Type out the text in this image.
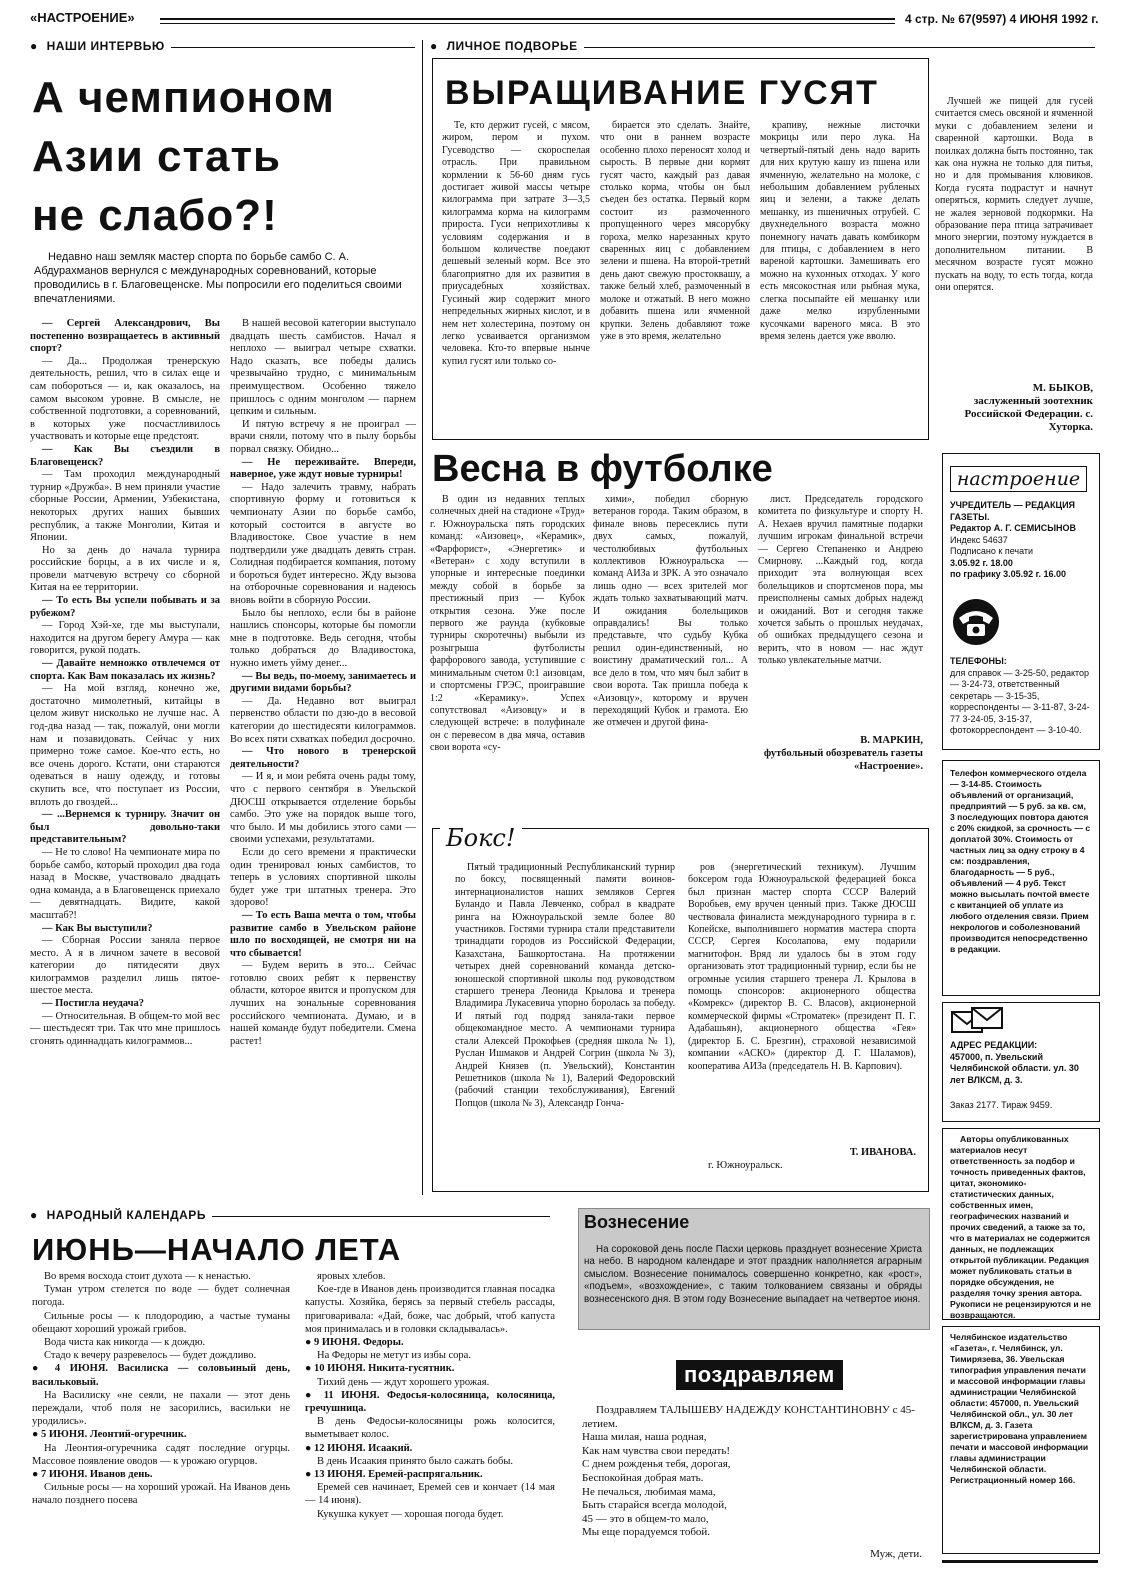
«НАСТРОЕНИЕ»	4 стр. № 67(9597) 4 ИЮНЯ 1992 г.
● НАШИ ИНТЕРВЬЮ
А чемпионом
Азии стать
не слабо?!
Недавно наш земляк мастер спорта по борьбе самбо С. А. Абдурахманов вернулся с международных соревнований, которые проводились в г. Благовещенске. Мы попросили его поделиться своими впечатлениями.

— Сергей Александрович, Вы постепенно возвращаетесь в активный спорт?

— Да... Продолжая тренерскую деятельность, решил, что в силах еще и сам побороться — и, как оказалось, на самом высоком уровне. В смысле, не собственной подготовки, а соревнований, в которых уже посчастливилось участвовать и которые еще предстоят.

— Как Вы съездили в Благовещенск?

— Там проходил международный турнир «Дружба». В нем приняли участие сборные России, Армении, Узбекистана, некоторых других наших бывших республик, а также Монголии, Китая и Японии.

Но за день до начала турнира российские борцы, а в их числе и я, провели матчевую встречу со сборной Китая на ее территории.

— То есть Вы успели побывать и за рубежом?

— Город Хэй-хе, где мы выступали, находится на другом берегу Амура — как говорится, рукой подать.

— Давайте немножко отвлечемся от спорта. Как Вам показалась их жизнь?

— На мой взгляд, конечно же, достаточно мимолетный, китайцы в целом живут нисколько не лучше нас. А год-два назад — так, пожалуй, они могли нам и позавидовать. Сейчас у них примерно тоже самое. Кое-что есть, но все очень дорого. Кстати, они стараются одеваться в нашу одежду, и готовы скупить все, что поступает из России, вплоть до гвоздей...

— ...Вернемся к турниру. Значит он был довольно-таки представительным?

— Не то слово! На чемпионате мира по борьбе самбо, который проходил два года назад в Москве, участвовало двадцать одна команда, а в Благовещенск приехало — девятнадцать. Видите, какой масштаб?!

— Как Вы выступили?

— Сборная России заняла первое место. А я в личном зачете в весовой категории до пятидесяти двух килограммов разделил лишь пятое-шестое места.

— Постигла неудача?

— Относительная. В общем-то мой вес — шестьдесят три. Так что мне пришлось сгонять одиннадцать килограммов...

В нашей весовой категории выступало двадцать шесть самбистов. Начал я неплохо — выиграл четыре схватки. Надо сказать, все победы дались чрезвычайно трудно, с минимальным преимуществом. Особенно тяжело пришлось с одним монголом — парнем цепким и сильным.

И пятую встречу я не проиграл — врачи сняли, потому что в пылу борьбы порвал связку. Обидно...

— Не переживайте. Впереди, наверное, уже ждут новые турниры!

— Надо залечить травму, набрать спортивную форму и готовиться к чемпионату Азии по борьбе самбо, который состоится в августе во Владивостоке. Свое участие в нем подтвердили уже двадцать девять стран. Солидная подбирается компания, потому и бороться будет интересно. Жду вызова на отборочные соревнования и надеюсь вновь войти в сборную России.

Было бы неплохо, если бы в районе нашлись спонсоры, которые бы помогли мне в подготовке. Ведь сегодня, чтобы только добраться до Владивостока, нужно иметь уйму денег...

— Вы ведь, по-моему, занимаетесь и другими видами борьбы?

— Да. Недавно вот выиграл первенство области по дзю-до в весовой категории до шестидесяти килограммов. Во всех пяти схватках победил досрочно.

— Что нового в тренерской деятельности?

— И я, и мои ребята очень рады тому, что с первого сентября в Увельской ДЮСШ открывается отделение борьбы самбо. Это уже на порядок выше того, что было. И мы добились этого сами — своими успехами, результатами.

Если до сего времени я практически один тренировал юных самбистов, то теперь в условиях спортивной школы будет уже три штатных тренера. Это здорово!

— То есть Ваша мечта о том, чтобы развитие самбо в Увельском районе шло по восходящей, не смотря ни на что сбывается!

— Будем верить в это... Сейчас готовлю своих ребят к первенству области, которое явится и пропуском для лучших на зональные соревнования российского чемпионата. Думаю, и в нашей команде будут победители. Смена растет!

● ЛИЧНОЕ ПОДВОРЬЕ
ВЫРАЩИВАНИЕ ГУСЯТ
Те, кто держит гусей, с мясом, жиром, пером и пухом. Гусеводство — скороспелая отрасль. При правильном кормлении к 56-60 дням гусь достигает живой массы четыре килограмма при затрате 3—3,5 килограмма корма на килограмм прироста. Гуси неприхотливы к условиям содержания и в большом количестве поедают дешевый зеленый корм. Все это благоприятно для их развития в приусадебных хозяйствах. Гусиный жир содержит много непредельных жирных кислот, и в нем нет холестерина, поэтому он легко усваивается организмом человека. Кто-то впервые нынче купил гусят или только со-
бирается это сделать. Знайте, что они в раннем возрасте особенно плохо переносят холод и сырость. В первые дни кормят гусят часто, каждый раз давая столько корма, чтобы он был съеден без остатка. Первый корм состоит из размоченного пропущенного через мясорубку гороха, мелко нарезанных круто сваренных яиц с добавлением зелени и пшена. На второй-третий день дают свежую простоквашу, а также белый хлеб, размоченный в молоке и отжатый. В него можно добавить пшена или ячменной крупки. Зелень добавляют тоже уже в это время, желательно
крапиву, нежные листочки мокрицы или перо лука. На четвертый-пятый день надо варить для них крутую кашу из пшена или ячменную, желательно на молоке, с небольшим добавлением рубленых яиц и зелени, а также делать мешанку, из пшеничных отрубей. С двухнедельного возраста можно понемногу начать давать комбикорм для птицы, с добавлением в него вареной картошки. Замешивать его можно на кухонных отходах. У кого есть мясокостная или рыбная мука, слегка посыпайте ей мешанку или даже мелко изрубленными кусочками вареного мяса. В это время зелень дается уже вволю.
Лучшей же пищей для гусей считается смесь овсяной и ячменной муки с добавлением зелени и сваренной картошки. Вода в поилках должна быть постоянно, так как она нужна не только для питья, но и для промывания клювиков. Когда гусята подрастут и начнут оперяться, кормить следует лучше, не жалея зерновой подкормки. На образование пера птица затрачивает много энергии, поэтому нуждается в дополнительном питании. В месячном возрасте гусят можно пускать на воду, то есть тогда, когда они оперятся.
М. БЫКОВ,
заслуженный зоотехник Российской Федерации. с. Хуторка.
Весна в футболке
В один из недавних теплых солнечных дней на стадионе «Труд» г. Южноуральска пять городских команд: «Аизовец», «Керамик», «Фарфорист», «Энергетик» и «Ветеран» с ходу вступили в упорные и интересные поединки между собой в борьбе за престижный приз — Кубок открытия сезона. Уже после первого же раунда (кубковые турниры скоротечны) выбыли из розыгрыша футболисты фарфорового завода, уступившие с минимальным счетом 0:1 аизовцам, и спортсмены ГРЭС, проигравшие 1:2 «Керамику». Успех сопутствовал «Аизовцу» и в следующей встрече: в полуфинале он с перевесом в два мяча, оставив свои ворота «су-
хими», победил сборную ветеранов города. Таким образом, в финале вновь пересеклись пути двух самых, пожалуй, честолюбивых футбольных коллективов Южноуральска — команд АИЗа и ЗРК. А это означало лишь одно — всех зрителей мог ждать только захватывающий матч. И ожидания болельщиков оправдались! Вы только представьте, что судьбу Кубка решил один-единственный, но воистину драматический гол... А все дело в том, что мяч был забит в свои ворота. Так пришла победа к «Аизовцу», которому и вручен переходящий Кубок и грамота. Ею же отмечен и другой фина-
лист. Председатель городского комитета по физкультуре и спорту Н. А. Нехаев вручил памятные подарки лучшим игрокам финальной встречи — Сергею Степаненко и Андрею Смирнову. ...Каждый год, когда приходит эта волнующая всех болельщиков и спортсменов пора, мы преисполнены самых добрых надежд и ожиданий. Вот и сегодня также хочется забыть о прошлых неудачах, об ошибках предыдущего сезона и верить, что в новом — нас ждут только увлекательные матчи.
В. МАРКИН,
футбольный обозреватель газеты «Настроение».
Бокс!
Пятый традиционный Республиканский турнир по боксу, посвященный памяти воинов-интернационалистов наших земляков Сергея Буландо и Павла Левченко, собрал в квадрате ринга на Южноуральской земле более 80 участников. Гостями турнира стали представители тринадцати городов из Российской Федерации, Казахстана, Башкортостана. На протяжении четырех дней соревнований команда детско-юношеской спортивной школы под руководством старшего тренера Леонида Крылова и тренера Владимира Лукасевича упорно боролась за победу. И пятый год подряд заняла-таки первое общекомандное место. А чемпионами турнира стали Алексей Прокофьев (средняя школа № 1), Руслан Ишмаков и Андрей Согрин (школа № 3), Андрей Князев (п. Увельский), Константин Решетников (школа № 1), Валерий Федоровский (рабочий станции техобслуживания), Евгений Попцов (школа № 3), Александр Гонча-
ров (энергетический техникум). Лучшим боксером года Южноуральской федерацией бокса был признан мастер спорта СССР Валерий Воробьев, ему вручен ценный приз. Также ДЮСШ чествовала финалиста международного турнира в г. Копейске, выполнившего норматив мастера спорта СССР, Сергея Косолапова, ему подарили магнитофон. Вряд ли удалось бы в этом году организовать этот традиционный турнир, если бы не огромные усилия старшего тренера Л. Крылова в помощь спонсоров: акционерного общества «Комрекс» (директор В. С. Власов), акционерной коммерческой фирмы «Строматек» (президент П. Г. Адабашьян), акционерного общества «Гея» (директор Б. С. Брезгин), страховой независимой компании «АСКО» (директор Д. Г. Шаламов), кооператива АИЗа (председатель Н. В. Карпович).
Т. ИВАНОВА.
г. Южноуральск.
настроение
УЧРЕДИТЕЛЬ — РЕДАКЦИЯ ГАЗЕТЫ.
Редактор А. Г. СЕМИСЫНОВ
Индекс 54637
Подписано к печати
3.05.92 г. 18.00
по графику 3.05.92 г. 16.00
ТЕЛЕФОНЫ:
для справок — 3-25-50, редактор — 3-24-73, ответственный секретарь — 3-15-35, корреспонденты — 3-11-87, 3-24-77 3-24-05, 3-15-37, фотокорреспондент — 3-10-40.
Телефон коммерческого отдела — 3-14-85. Стоимость объявлений от организаций, предприятий — 5 руб. за кв. см, 3 последующих повтора даются с 20% скидкой, за срочность — с доплатой 30%. Стоимость от частных лиц за одну строку в 4 см: поздравления, благодарность — 5 руб., объявлений — 4 руб. Текст можно высылать почтой вместе с квитанцией об уплате из любого отделения связи. Прием некрологов и соболезнований производится непосредственно в редакции.
АДРЕС РЕДАКЦИИ:
457000, п. Увельский Челябинской области. ул. 30 лет ВЛКСМ, д. 3.
Заказ 2177. Тираж 9459.
Авторы опубликованных материалов несут ответственность за подбор и точность приведенных фактов, цитат, экономико-статистических данных, собственных имен, географических названий и прочих сведений, а также за то, что в материалах не содержится данных, не подлежащих открытой публикации. Редакция может публиковать статьи в порядке обсуждения, не разделяя точку зрения автора. Рукописи не рецензируются и не возвращаются.
Челябинское издательство «Газета», г. Челябинск, ул. Тимирязева, 36. Увельская типография управления печати и массовой информации главы администрации Челябинской области: 457000, п. Увельский Челябинской обл., ул. 30 лет ВЛКСМ, д. 3. Газета зарегистрирована управлением печати и массовой информации главы администрации Челябинской области. Регистрационный номер 166.
● НАРОДНЫЙ КАЛЕНДАРЬ
ИЮНЬ—НАЧАЛО ЛЕТА

Во время восхода стоит духота — к ненастью.

Туман утром стелется по воде — будет солнечная погода.

Сильные росы — к плодородию, а частые туманы обещают хороший урожай грибов.

Вода чиста как никогда — к дождю.

Стадо к вечеру разревелось — будет дождливо.

● 4 ИЮНЯ. Василиска — соловьиный день, васильковый.

На Василиску «не сеяли, не пахали — этот день переждали, чтоб поля не засорились, васильки не уродились».

● 5 ИЮНЯ. Леонтий-огуречник.

На Леонтия-огуречника садят последние огурцы. Массовое появление оводов — к урожаю огурцов.

● 7 ИЮНЯ. Иванов день.

Сильные росы — на хороший урожай. На Иванов день начало позднего посева

яровых хлебов.

Кое-где в Иванов день производится главная посадка капусты. Хозяйка, берясь за первый стебель рассады, приговаривала: «Дай, боже, час добрый, чтоб капуста моя принималась и в головки складывалась».

● 9 ИЮНЯ. Федоры.

На Федоры не метут из избы сора.

● 10 ИЮНЯ. Никита-гусятник.

Тихий день — ждут хорошего урожая.

● 11 ИЮНЯ. Федосья-колосяница, колосяница, гречушница.

В день Федосьи-колосяницы рожь колосится, выметывает колос.

● 12 ИЮНЯ. Исаакий.

В день Исаакия принято было сажать бобы.

● 13 ИЮНЯ. Еремей-распрягальник.

Еремей сев начинает, Еремей сев и кончает (14 мая — 14 июня).

Кукушка кукует — хорошая погода будет.

Вознесение
На сороковой день после Пасхи церковь празднует вознесение Христа на небо. В народном календаре и этот праздник наполняется аграрным смыслом. Вознесение понималось совершенно конкретно, как «рост», «подъем», «возхождение», с таким толкованием связаны и обряды вознесенского дня. В этом году Вознесение выпадает на четвертое июня.
поздравляем
Поздравляем ТАЛЫШЕВУ НАДЕЖДУ КОНСТАНТИНОВНУ с 45-летием.
Наша милая, наша родная,
Как нам чувства свои передать!
С днем рожденья тебя, дорогая,
Беспокойная добрая мать.
Не печалься, любимая мама,
Быть старайся всегда молодой,
45 — это в общем-то мало,
Мы еще порадуемся тобой.
Муж, дети.
